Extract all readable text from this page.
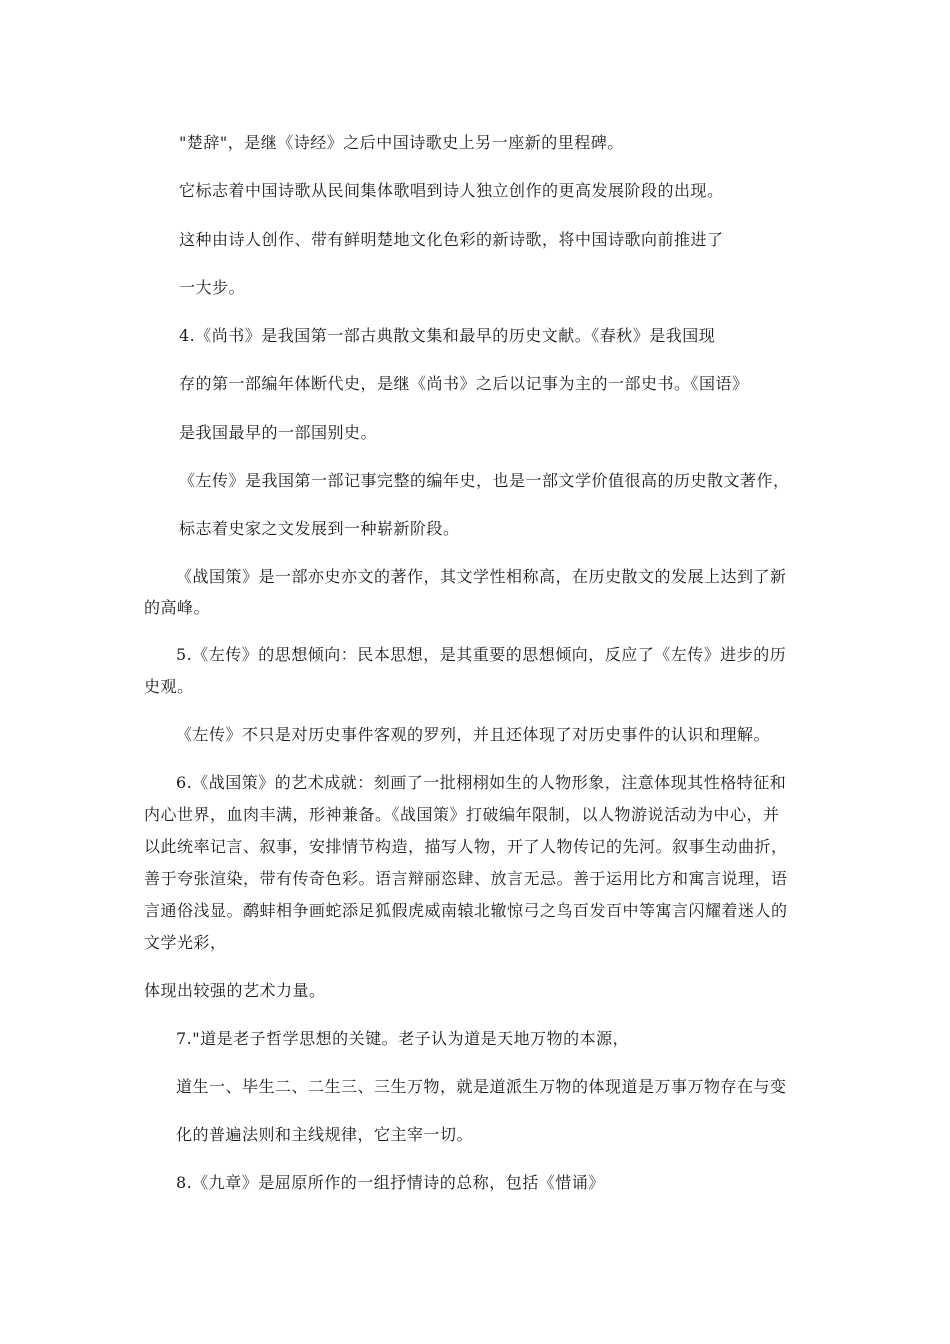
"楚辞"，是继《诗经》之后中国诗歌史上另一座新的里程碑。
它标志着中国诗歌从民间集体歌唱到诗人独立创作的更高发展阶段的出现。
这种由诗人创作、带有鲜明楚地文化色彩的新诗歌，将中国诗歌向前推进了
一大步。
4.《尚书》是我国第一部古典散文集和最早的历史文献。《春秋》是我国现
存的第一部编年体断代史，是继《尚书》之后以记事为主的一部史书。《国语》
是我国最早的一部国别史。
《左传》是我国第一部记事完整的编年史，也是一部文学价值很高的历史散文著作，
标志着史家之文发展到一种崭新阶段。
《战国策》是一部亦史亦文的著作，其文学性相称高，在历史散文的发展上达到了新
的高峰。
5.《左传》的思想倾向：民本思想，是其重要的思想倾向，反应了《左传》进步的历
史观。
《左传》不只是对历史事件客观的罗列，并且还体现了对历史事件的认识和理解。
6.《战国策》的艺术成就：刻画了一批栩栩如生的人物形象，注意体现其性格特征和
内心世界，血肉丰满，形神兼备。《战国策》打破编年限制，以人物游说活动为中心，并
以此统率记言、叙事，安排情节构造，描写人物，开了人物传记的先河。叙事生动曲折，
善于夸张渲染，带有传奇色彩。语言辩丽恣肆、放言无忌。善于运用比方和寓言说理，语
言通俗浅显。鹬蚌相争画蛇添足狐假虎威南辕北辙惊弓之鸟百发百中等寓言闪耀着迷人的
文学光彩，
体现出较强的艺术力量。
7."道是老子哲学思想的关键。老子认为道是天地万物的本源，
道生一、毕生二、二生三、三生万物，就是道派生万物的体现道是万事万物存在与变
化的普遍法则和主线规律，它主宰一切。
8.《九章》是屈原所作的一组抒情诗的总称，包括《惜诵》
